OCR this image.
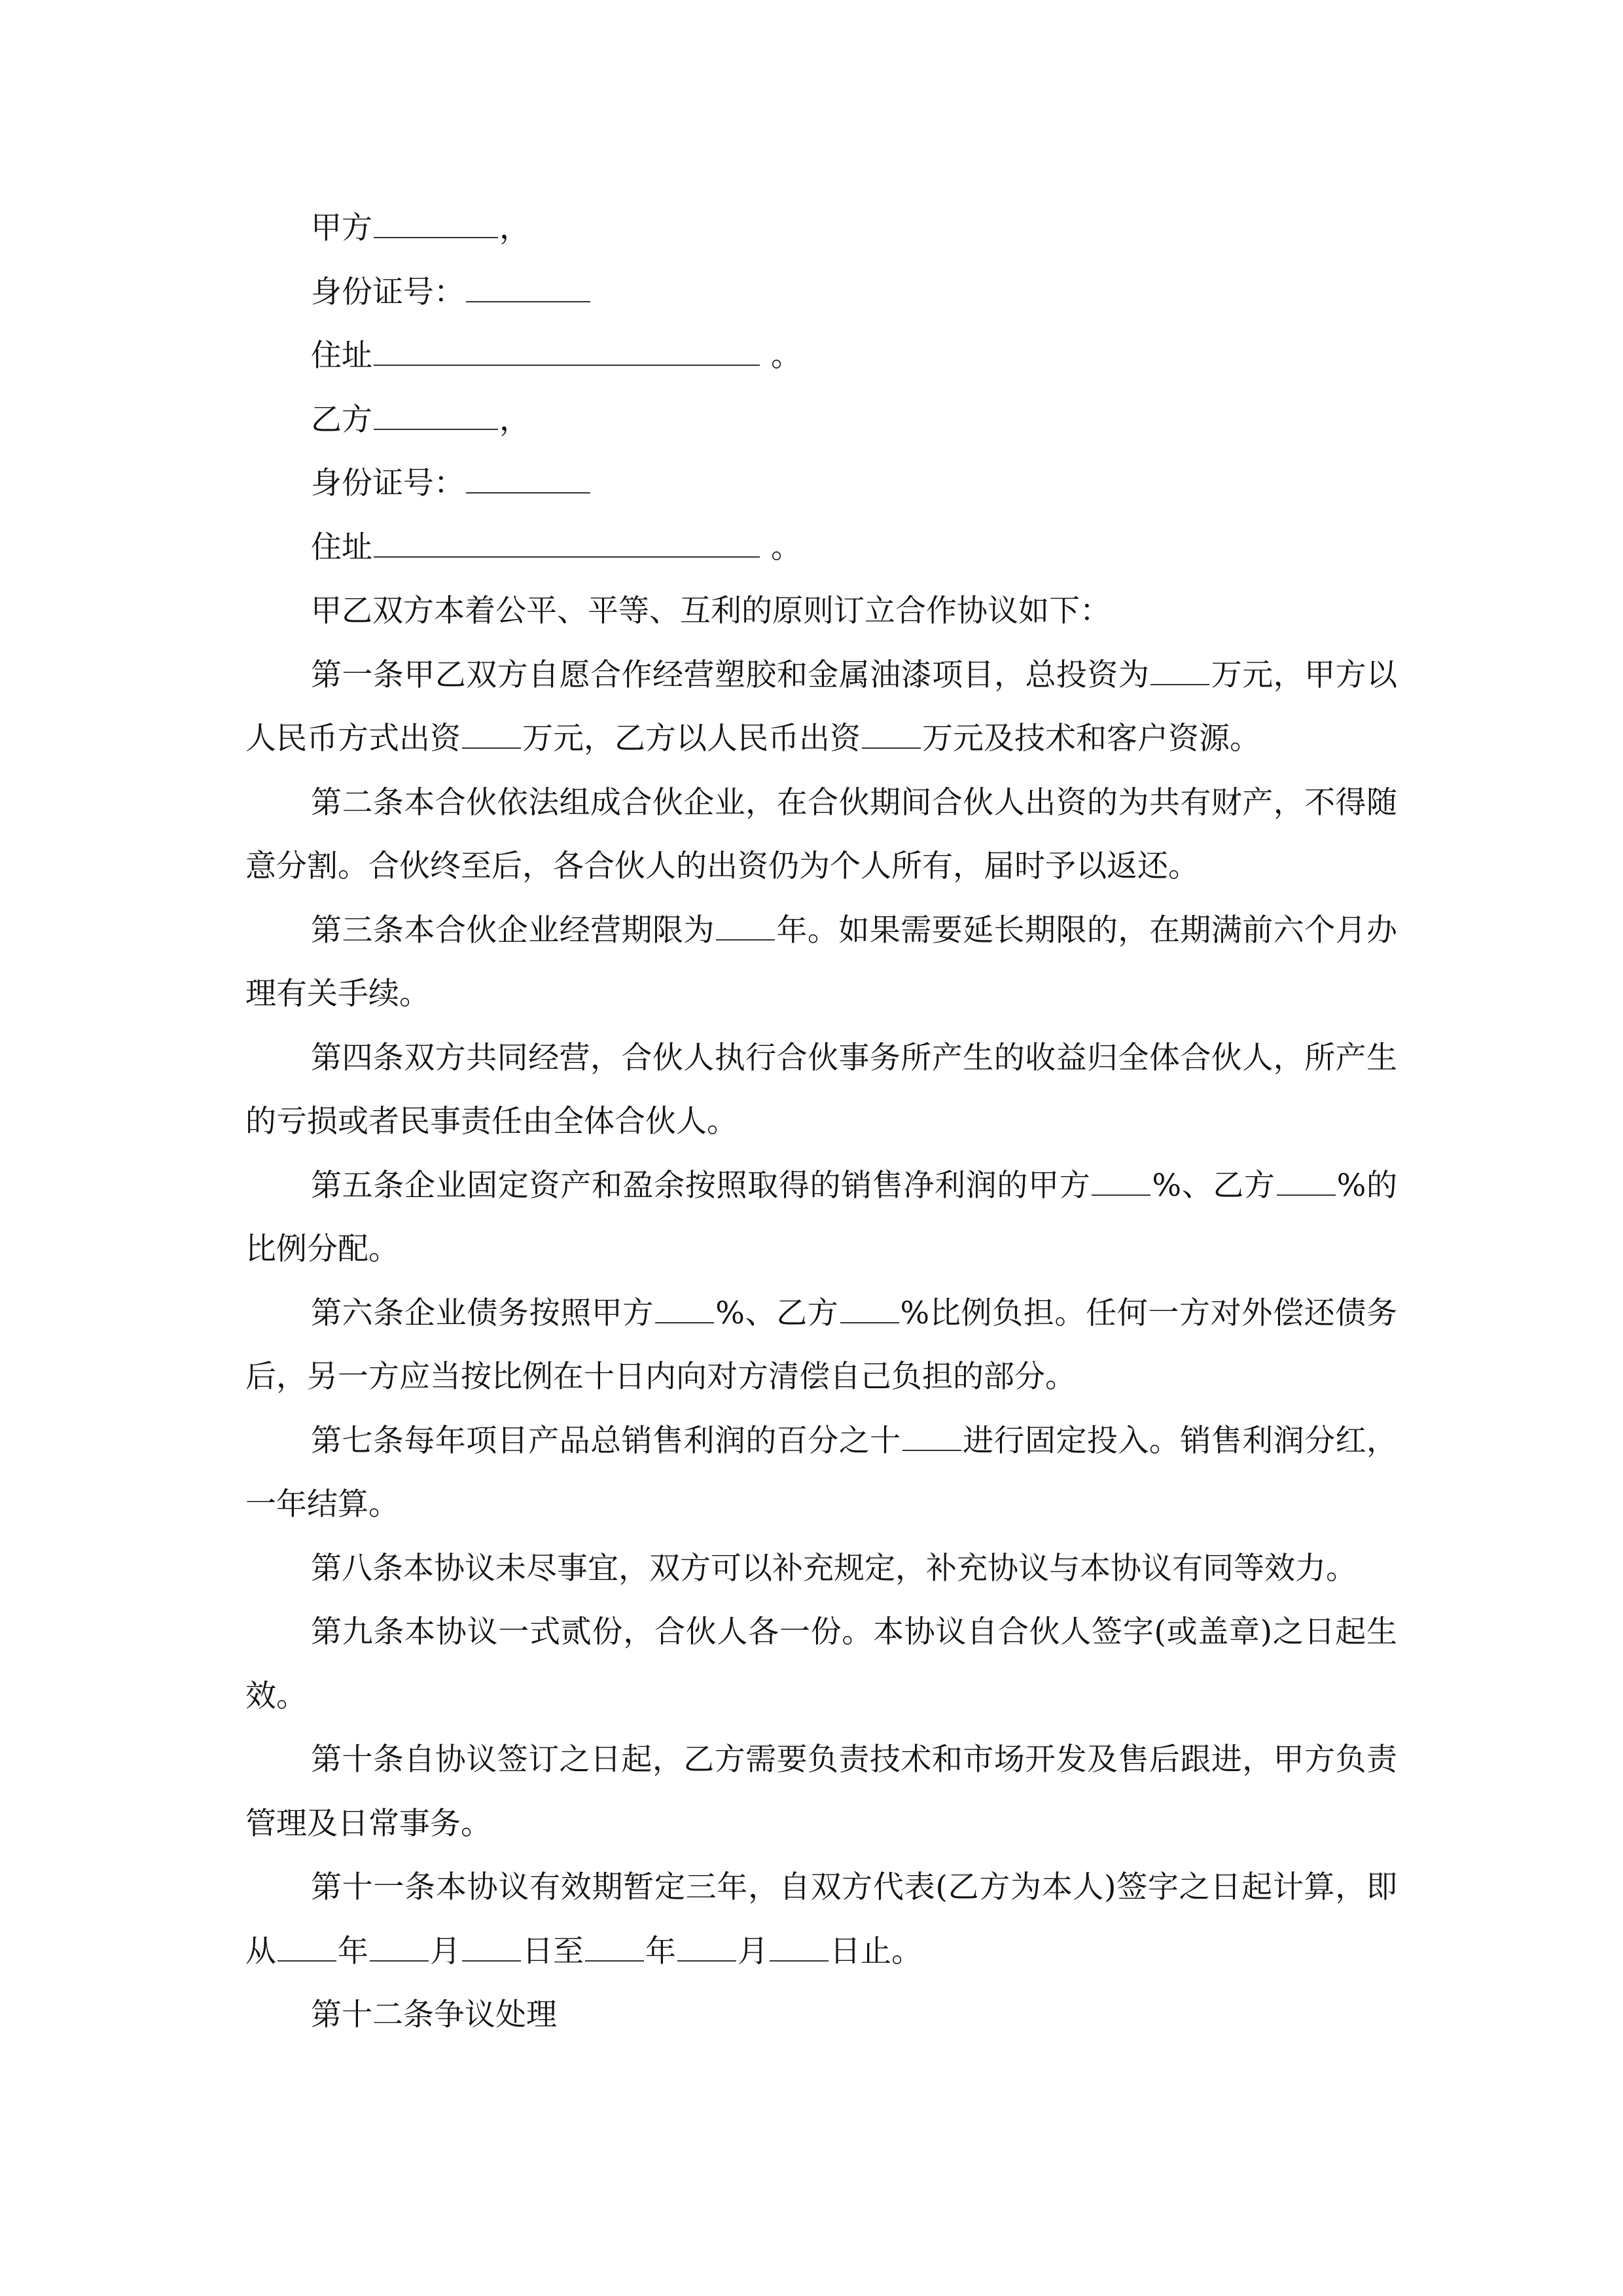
甲方	，
身份证号：
住址	。
乙方	，
身份证号：
住址	。

甲乙双方本着公平、平等、互利的原则订立合作协议如下：

第一条甲乙双方自愿合作经营塑胶和金属油漆项目，总投资为 万元，甲方以人民币方式出资 万元，乙方以人民币出资 万元及技术和客户资源。

第二条本合伙依法组成合伙企业，在合伙期间合伙人出资的为共有财产，不得随意分割。合伙终至后，各合伙人的出资仍为个人所有，届时予以返还。

第三条本合伙企业经营期限为 年。如果需要延长期限的，在期满前六个月办理有关手续。

第四条双方共同经营，合伙人执行合伙事务所产生的收益归全体合伙人，所产生的亏损或者民事责任由全体合伙人。

第五条企业固定资产和盈余按照取得的销售净利润的甲方 %、乙方 %的比例分配。

第六条企业债务按照甲方 %、乙方 %比例负担。任何一方对外偿还债务后，另一方应当按比例在十日内向对方清偿自己负担的部分。

第七条每年项目产品总销售利润的百分之十 进行固定投入。销售利润分红，一年结算。

第八条本协议未尽事宜，双方可以补充规定，补充协议与本协议有同等效力。

第九条本协议一式贰份，合伙人各一份。本协议自合伙人签字(或盖章)之日起生效。

第十条自协议签订之日起，乙方需要负责技术和市场开发及售后跟进，甲方负责管理及日常事务。

第十一条本协议有效期暂定三年，自双方代表(乙方为本人)签字之日起计算，即从 年 月 日至 年 月 日止。

第十二条争议处理
